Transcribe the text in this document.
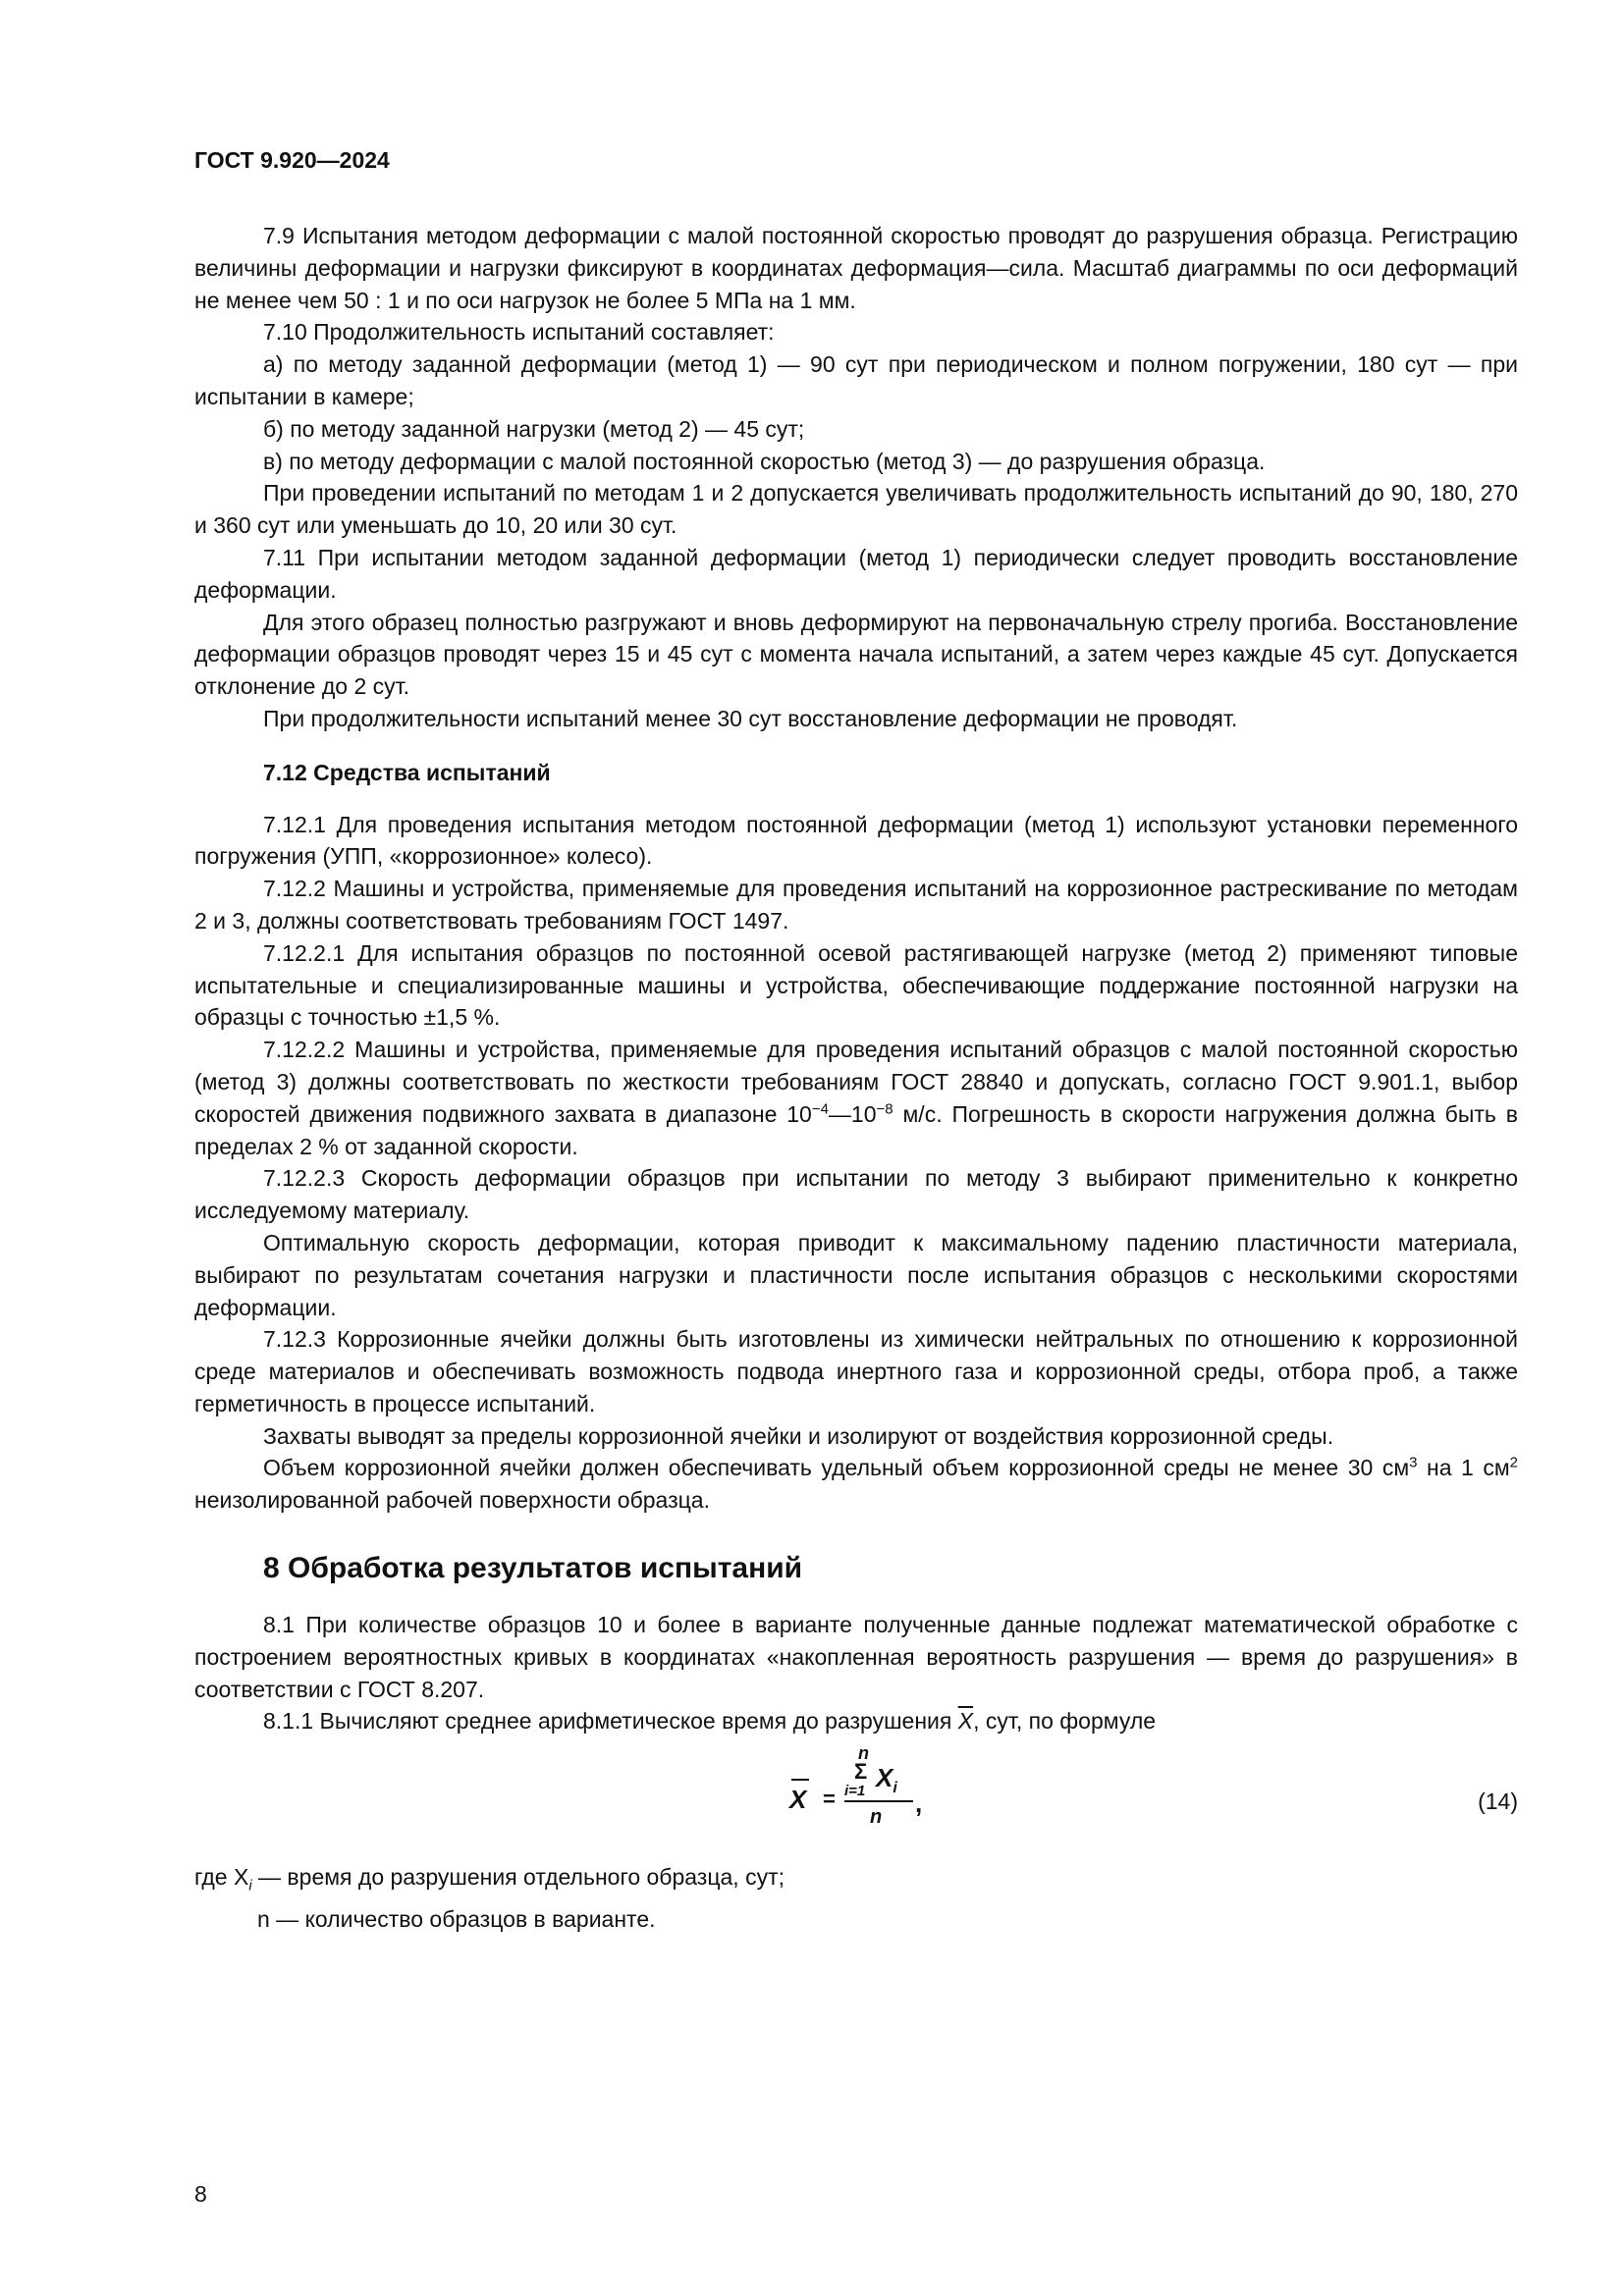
ГОСТ 9.920—2024

7.9 Испытания методом деформации с малой постоянной скоростью проводят до разрушения образца. Регистрацию величины деформации и нагрузки фиксируют в координатах деформация—сила. Масштаб диаграммы по оси деформаций не менее чем 50 : 1 и по оси нагрузок не более 5 МПа на 1 мм.

7.10 Продолжительность испытаний составляет:

а) по методу заданной деформации (метод 1) — 90 сут при периодическом и полном погружении, 180 сут — при испытании в камере;

б) по методу заданной нагрузки (метод 2) — 45 сут;

в) по методу деформации с малой постоянной скоростью (метод 3) — до разрушения образца.

При проведении испытаний по методам 1 и 2 допускается увеличивать продолжительность испытаний до 90, 180, 270 и 360 сут или уменьшать до 10, 20 или 30 сут.

7.11 При испытании методом заданной деформации (метод 1) периодически следует проводить восстановление деформации.

Для этого образец полностью разгружают и вновь деформируют на первоначальную стрелу прогиба. Восстановление деформации образцов проводят через 15 и 45 сут с момента начала испытаний, а затем через каждые 45 сут. Допускается отклонение до 2 сут.

При продолжительности испытаний менее 30 сут восстановление деформации не проводят.

7.12 Средства испытаний

7.12.1 Для проведения испытания методом постоянной деформации (метод 1) используют установки переменного погружения (УПП, «коррозионное» колесо).

7.12.2 Машины и устройства, применяемые для проведения испытаний на коррозионное растрескивание по методам 2 и 3, должны соответствовать требованиям ГОСТ 1497.

7.12.2.1 Для испытания образцов по постоянной осевой растягивающей нагрузке (метод 2) применяют типовые испытательные и специализированные машины и устройства, обеспечивающие поддержание постоянной нагрузки на образцы с точностью ±1,5 %.

7.12.2.2 Машины и устройства, применяемые для проведения испытаний образцов с малой постоянной скоростью (метод 3) должны соответствовать по жесткости требованиям ГОСТ 28840 и допускать, согласно ГОСТ 9.901.1, выбор скоростей движения подвижного захвата в диапазоне $10^{-4}—10^{-8}$ м/с. Погрешность в скорости нагружения должна быть в пределах 2 % от заданной скорости.

7.12.2.3 Скорость деформации образцов при испытании по методу 3 выбирают применительно к конкретно исследуемому материалу.

Оптимальную скорость деформации, которая приводит к максимальному падению пластичности материала, выбирают по результатам сочетания нагрузки и пластичности после испытания образцов с несколькими скоростями деформации.

7.12.3 Коррозионные ячейки должны быть изготовлены из химически нейтральных по отношению к коррозионной среде материалов и обеспечивать возможность подвода инертного газа и коррозионной среды, отбора проб, а также герметичность в процессе испытаний.

Захваты выводят за пределы коррозионной ячейки и изолируют от воздействия коррозионной среды.

Объем коррозионной ячейки должен обеспечивать удельный объем коррозионной среды не менее 30 $см^3$ на 1 $см^2$ неизолированной рабочей поверхности образца.

8 Обработка результатов испытаний

8.1 При количестве образцов 10 и более в варианте полученные данные подлежат математической обработке с построением вероятностных кривых в координатах «накопленная вероятность разрушения — время до разрушения» в соответствии с ГОСТ 8.207.

8.1.1 Вычисляют среднее арифметическое время до разрушения $\overline{X}$, сут, по формуле

X =
n
Σ $X_i$
i=1
n ,	(14)

где $X_i$ — время до разрушения отдельного образца, сут;

n — количество образцов в варианте.

8
